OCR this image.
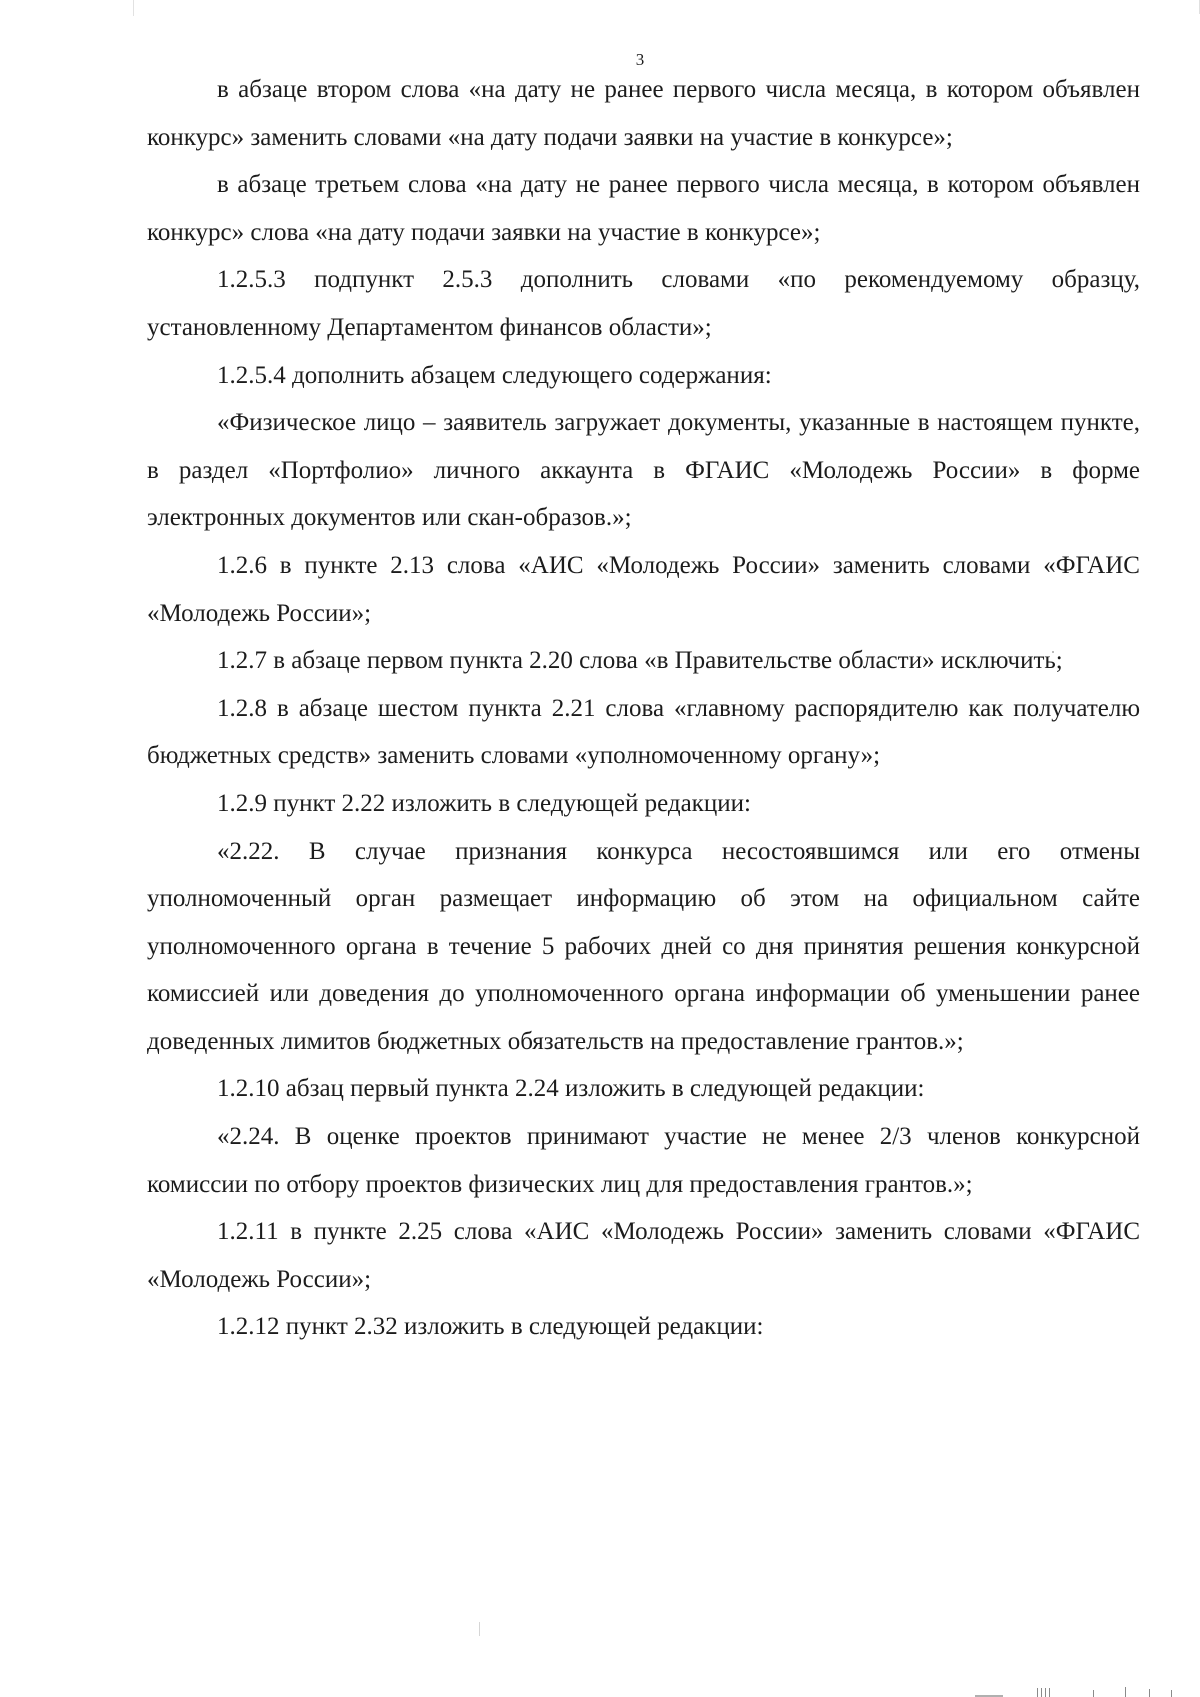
3

в абзаце втором слова «на дату не ранее первого числа месяца, в котором объявлен конкурс» заменить словами «на дату подачи заявки на участие в конкурсе»;

в абзаце третьем слова «на дату не ранее первого числа месяца, в котором объявлен конкурс» слова «на дату подачи заявки на участие в конкурсе»;

1.2.5.3 подпункт 2.5.3 дополнить словами «по рекомендуемому образцу, установленному Департаментом финансов области»;

1.2.5.4 дополнить абзацем следующего содержания:

«Физическое лицо – заявитель загружает документы, указанные в настоящем пункте, в раздел «Портфолио» личного аккаунта в ФГАИС «Молодежь России» в форме электронных документов или скан-образов.»;

1.2.6 в пункте 2.13 слова «АИС «Молодежь России» заменить словами «ФГАИС «Молодежь России»;

1.2.7 в абзаце первом пункта 2.20 слова «в Правительстве области» исключить;

1.2.8 в абзаце шестом пункта 2.21 слова «главному распорядителю как получателю бюджетных средств» заменить словами «уполномоченному органу»;

1.2.9 пункт 2.22 изложить в следующей редакции:

«2.22. В случае признания конкурса несостоявшимся или его отмены уполномоченный орган размещает информацию об этом на официальном сайте уполномоченного органа в течение 5 рабочих дней со дня принятия решения конкурсной комиссией или доведения до уполномоченного органа информации об уменьшении ранее доведенных лимитов бюджетных обязательств на предоставление грантов.»;

1.2.10 абзац первый пункта 2.24 изложить в следующей редакции:

«2.24. В оценке проектов принимают участие не менее 2/3 членов конкурсной комиссии по отбору проектов физических лиц для предоставления грантов.»;

1.2.11 в пункте 2.25 слова «АИС «Молодежь России» заменить словами «ФГАИС «Молодежь России»;

1.2.12 пункт 2.32 изложить в следующей редакции:
